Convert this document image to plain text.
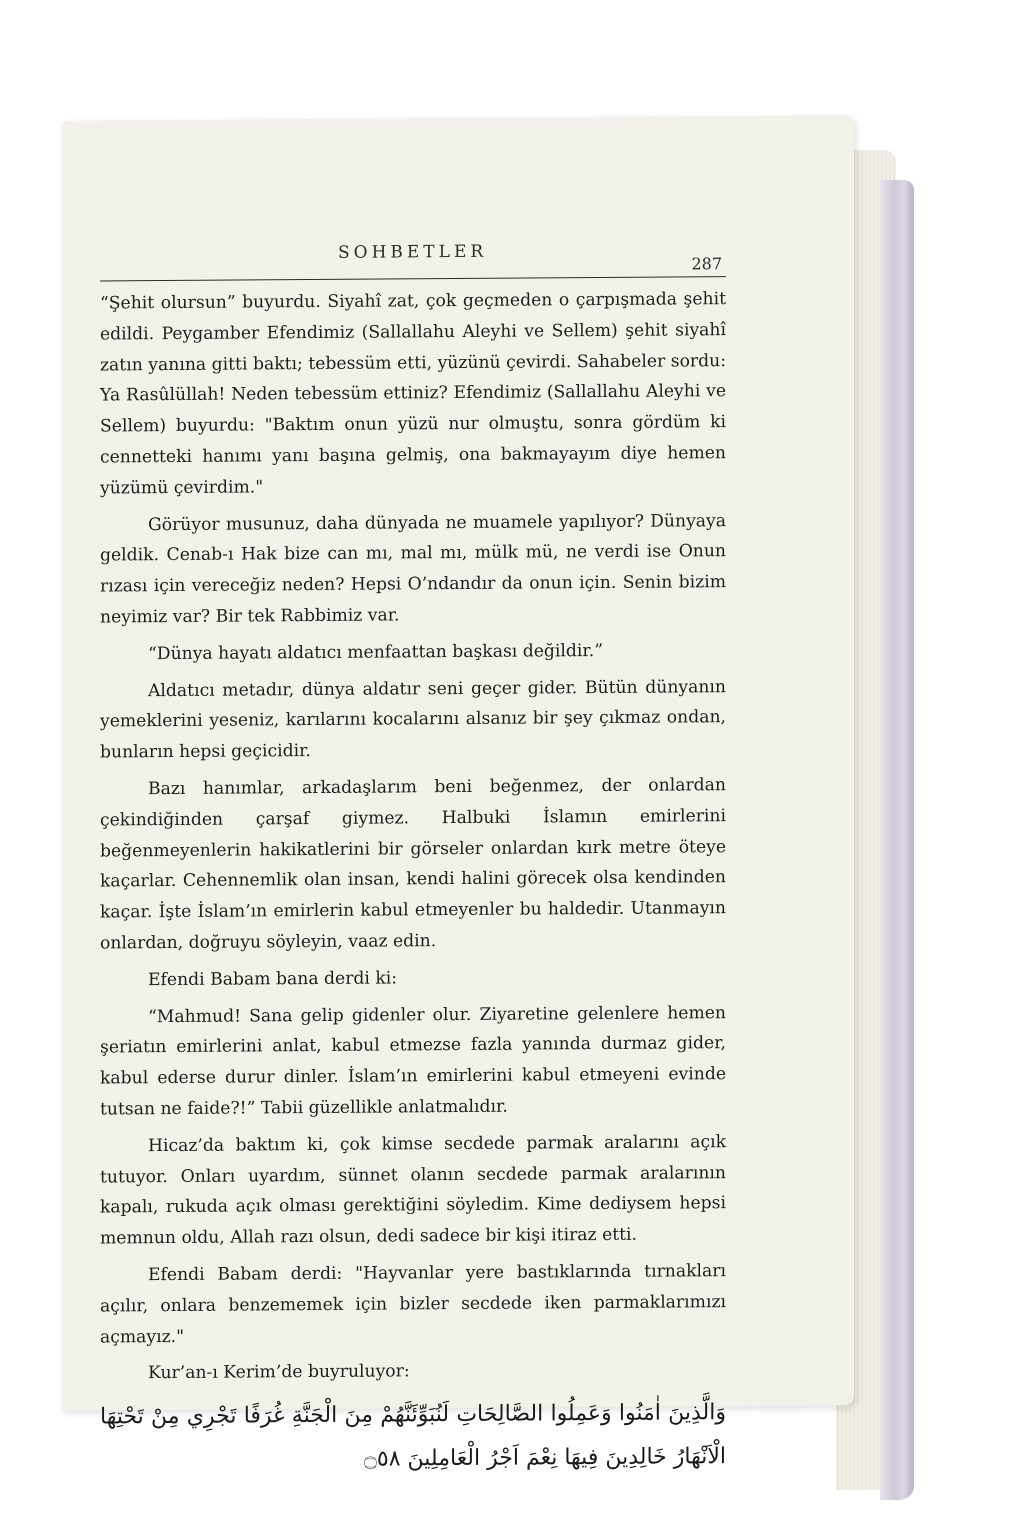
SOHBETLER
287

“Şehit olursun” buyurdu. Siyahî zat, çok geçmeden o çarpışmada şehit edildi. Peygamber Efendimiz (Sallallahu Aleyhi ve Sellem) şehit siyahî zatın yanına gitti baktı; tebessüm etti, yüzünü çevirdi. Sahabeler sordu: Ya Rasûlüllah! Neden tebessüm ettiniz? Efendimiz (Sallallahu Aleyhi ve Sellem) buyurdu: "Baktım onun yüzü nur olmuştu, sonra gördüm ki cennetteki hanımı yanı başına gelmiş, ona bakmayayım diye hemen yüzümü çevirdim."

Görüyor musunuz, daha dünyada ne muamele yapılıyor? Dünyaya geldik. Cenab-ı Hak bize can mı, mal mı, mülk mü, ne verdi ise Onun rızası için vereceğiz neden? Hepsi O’ndandır da onun için. Senin bizim neyimiz var? Bir tek Rabbimiz var.

“Dünya hayatı aldatıcı menfaattan başkası değildir.”

Aldatıcı metadır, dünya aldatır seni geçer gider. Bütün dünyanın yemeklerini yeseniz, karılarını kocalarını alsanız bir şey çıkmaz ondan, bunların hepsi geçicidir.

Bazı hanımlar, arkadaşlarım beni beğenmez, der onlardan çekindiğinden çarşaf giymez. Halbuki İslamın emirlerini beğenmeyenlerin hakikatlerini bir görseler onlardan kırk metre öteye kaçarlar. Cehennemlik olan insan, kendi halini görecek olsa kendinden kaçar. İşte İslam’ın emirlerin kabul etmeyenler bu haldedir. Utanmayın onlardan, doğruyu söyleyin, vaaz edin.

Efendi Babam bana derdi ki:

“Mahmud! Sana gelip gidenler olur. Ziyaretine gelenlere hemen şeriatın emirlerini anlat, kabul etmezse fazla yanında durmaz gider, kabul ederse durur dinler. İslam’ın emirlerini kabul etmeyeni evinde tutsan ne faide?!” Tabii güzellikle anlatmalıdır.

Hicaz’da baktım ki, çok kimse secdede parmak aralarını açık tutuyor. Onları uyardım, sünnet olanın secdede parmak aralarının kapalı, rukuda açık olması gerektiğini söyledim. Kime dediysem hepsi memnun oldu, Allah razı olsun, dedi sadece bir kişi itiraz etti.

Efendi Babam derdi: "Hayvanlar yere bastıklarında tırnakları açılır, onlara benzememek için bizler secdede iken parmaklarımızı açmayız."

Kur’an-ı Kerim’de buyruluyor:

وَالَّذِينَ اٰمَنُوا وَعَمِلُوا الصَّالِحَاتِ لَنُبَوِّئَنَّهُمْ مِنَ الْجَنَّةِ غُرَفًا تَجْرِي مِنْ تَحْتِهَا الْاَنْهَارُ خَالِدِينَ فِيهَا نِعْمَ اَجْرُ الْعَامِلِينَ ۝٥٨
